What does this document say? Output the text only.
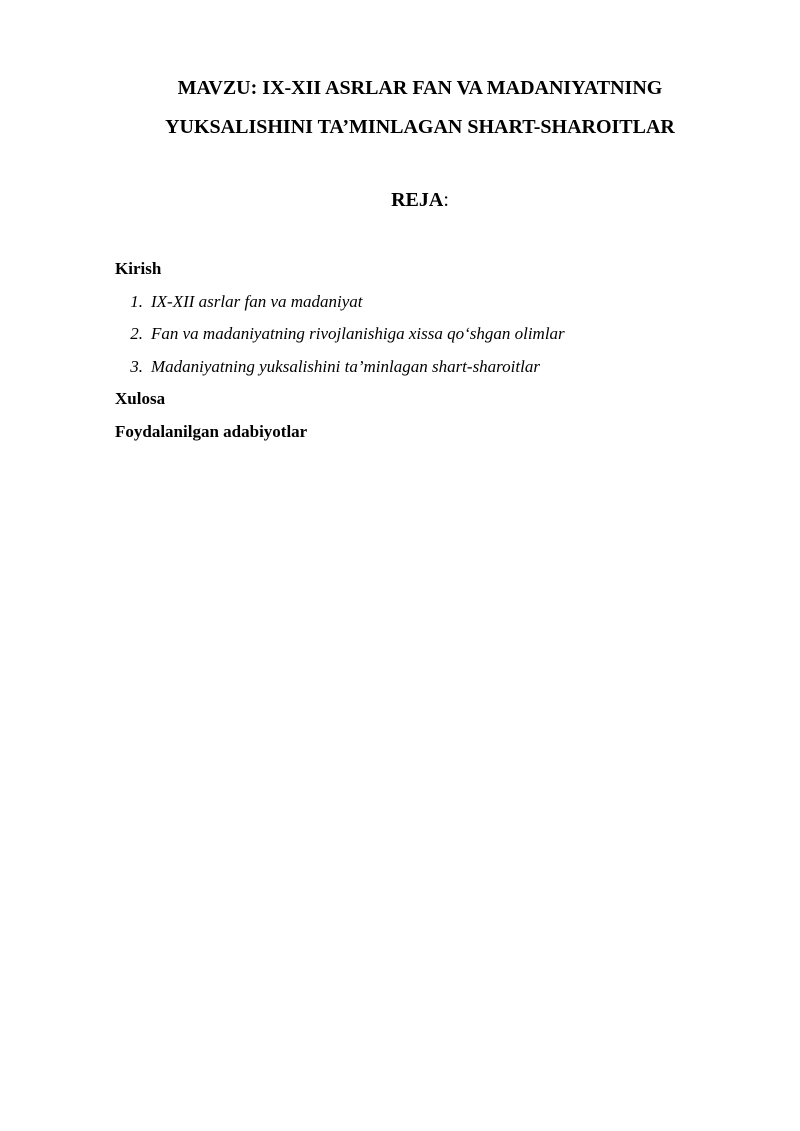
MAVZU: IX-XII ASRLAR FAN VA MADANIYATNING
YUKSALISHINI TA’MINLAGAN SHART-SHAROITLAR
REJA:
Kirish
1. IX-XII asrlar fan va madaniyat
2. Fan va madaniyatning rivojlanishiga xissa qo‘shgan olimlar
3. Madaniyatning yuksalishini ta’minlagan shart-sharoitlar
Xulosa
Foydalanilgan adabiyotlar
